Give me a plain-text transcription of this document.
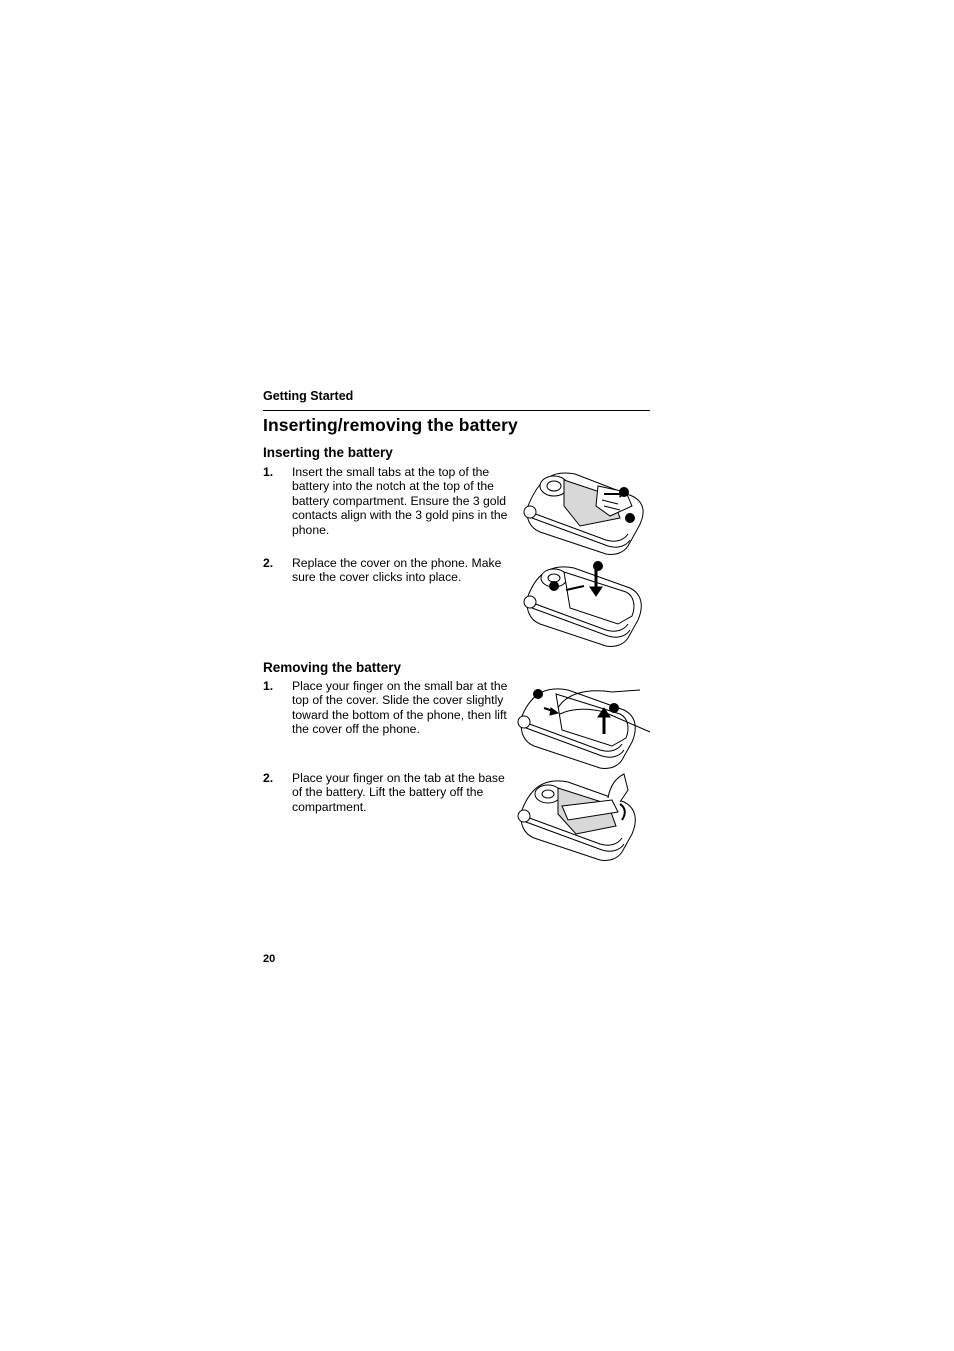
Getting Started
Inserting/removing the battery
Inserting the battery
1.	Insert the small tabs at the top of the battery into the notch at the top of the battery compartment. Ensure the 3 gold contacts align with the 3 gold pins in the phone.
2.	Replace the cover on the phone. Make sure the cover clicks into place.
Removing the battery
1.	Place your finger on the small bar at the top of the cover. Slide the cover slightly toward the bottom of the phone, then lift the cover off the phone.
2.	Place your finger on the tab at the base of the battery. Lift the battery off the compartment.
20
